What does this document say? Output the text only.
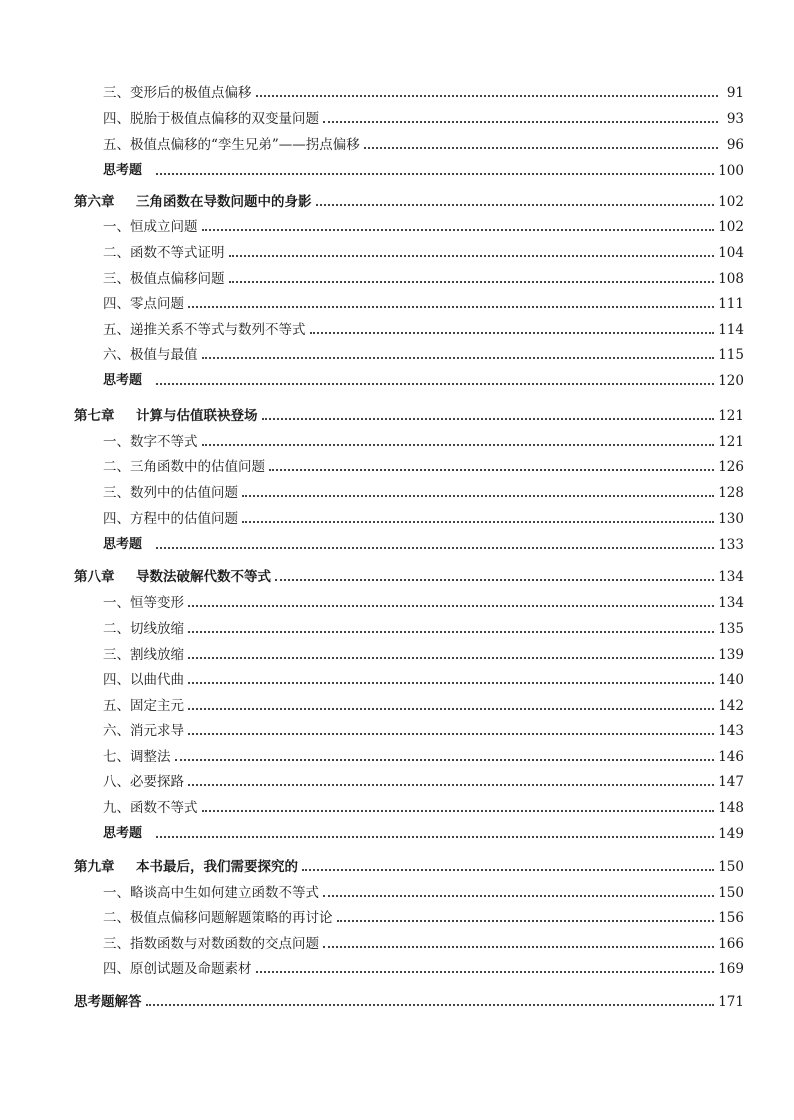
三、变形后的极值点偏移	91
四、脱胎于极值点偏移的双变量问题	93
五、极值点偏移的“孪生兄弟”——拐点偏移	96
思考题	100
第六章 三角函数在导数问题中的身影	102
一、恒成立问题	102
二、函数不等式证明	104
三、极值点偏移问题	108
四、零点问题	111
五、递推关系不等式与数列不等式	114
六、极值与最值	115
思考题	120
第七章 计算与估值联袂登场	121
一、数字不等式	121
二、三角函数中的估值问题	126
三、数列中的估值问题	128
四、方程中的估值问题	130
思考题	133
第八章 导数法破解代数不等式	134
一、恒等变形	134
二、切线放缩	135
三、割线放缩	139
四、以曲代曲	140
五、固定主元	142
六、消元求导	143
七、调整法	146
八、必要探路	147
九、函数不等式	148
思考题	149
第九章 本书最后，我们需要探究的	150
一、略谈高中生如何建立函数不等式	150
二、极值点偏移问题解题策略的再讨论	156
三、指数函数与对数函数的交点问题	166
四、原创试题及命题素材	169
思考题解答	171
